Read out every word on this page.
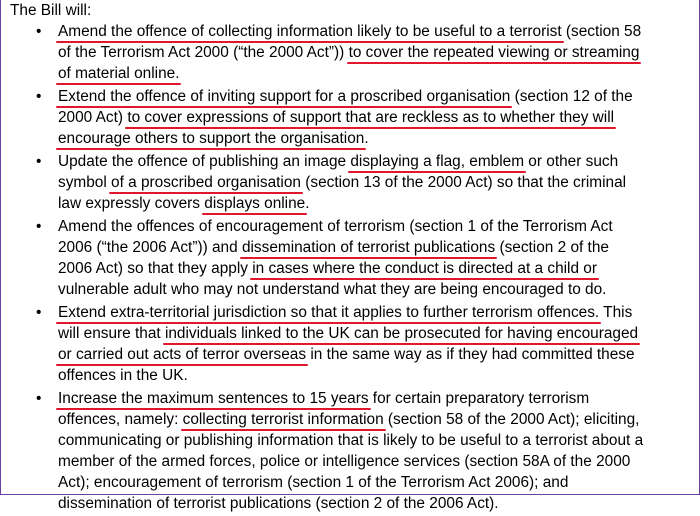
The Bill will:
• Amend the offence of collecting information likely to be useful to a terrorist (section 58
of the Terrorism Act 2000 (“the 2000 Act”)) to cover the repeated viewing or streaming
of material online.
• Extend the offence of inviting support for a proscribed organisation (section 12 of the
2000 Act) to cover expressions of support that are reckless as to whether they will
encourage others to support the organisation.
• Update the offence of publishing an image displaying a flag, emblem or other such
symbol of a proscribed organisation (section 13 of the 2000 Act) so that the criminal
law expressly covers displays online.
• Amend the offences of encouragement of terrorism (section 1 of the Terrorism Act
2006 (“the 2006 Act”)) and dissemination of terrorist publications (section 2 of the
2006 Act) so that they apply in cases where the conduct is directed at a child or
vulnerable adult who may not understand what they are being encouraged to do.
• Extend extra-territorial jurisdiction so that it applies to further terrorism offences. This
will ensure that individuals linked to the UK can be prosecuted for having encouraged
or carried out acts of terror overseas in the same way as if they had committed these
offences in the UK.
• Increase the maximum sentences to 15 years for certain preparatory terrorism
offences, namely: collecting terrorist information (section 58 of the 2000 Act); eliciting,
communicating or publishing information that is likely to be useful to a terrorist about a
member of the armed forces, police or intelligence services (section 58A of the 2000
Act); encouragement of terrorism (section 1 of the Terrorism Act 2006); and
dissemination of terrorist publications (section 2 of the 2006 Act).
